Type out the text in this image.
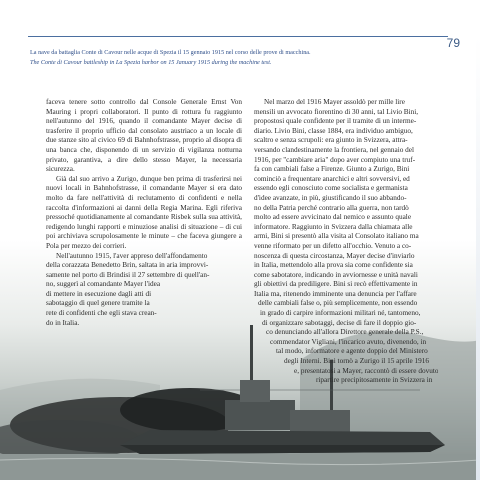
79
La nave da battaglia Conte di Cavour nelle acque di Spezia il 15 gennaio 1915 nel corso delle prove di macchina.
The Conte di Cavour battleship in La Spezia harbor on 15 January 1915 during the machine test.

faceva tenere sotto controllo dal Console Generale Ernst Von Mauring i propri collaboratori. Il punto di rottura fu raggiunto nell'autunno del 1916, quando il comandante Mayer decise di trasferire il proprio ufficio dal consolato austriaco a un locale di due stanze sito al civico 69 di Bahnhofstrasse, proprio al disopra di una banca che, disponendo di un servizio di vigilanza notturna privato, garantiva, a dire dello stesso Mayer, la necessaria sicurezza.

Già dal suo arrivo a Zurigo, dunque ben prima di trasferirsi nei nuovi locali in Bahnhofstrasse, il comandante Mayer si era dato molto da fare nell'attività di reclutamento di confidenti e nella raccolta d'informazioni ai danni della Regia Marina. Egli riferiva pressoché quotidianamente al comandante Risbek sulla sua attività, redigendo lunghi rapporti e minuziose analisi di situazione – di cui poi archiviava scrupolosamente le minute – che faceva giungere a Pola per mezzo dei corrieri.

Nell'autunno 1915, l'aver appreso dell'affondamento
della corazzata Benedetto Brin, saltata in aria improvvi-
samente nel porto di Brindisi il 27 settembre di quell'an-
no, suggerì al comandante Mayer l'idea
di mettere in esecuzione dagli atti di
sabotaggio di quel genere tramite la
rete di confidenti che egli stava crean-
do in Italia.
Nel marzo del 1916 Mayer assoldò per mille lire
mensili un avvocato fiorentino di 30 anni, tal Livio Bini,
propostosi quale confidente per il tramite di un interme-
diario. Livio Bini, classe 1884, era individuo ambiguo,
scaltro e senza scrupoli: era giunto in Svizzera, attra-
versando clandestinamente la frontiera, nel gennaio del
1916, per "cambiare aria" dopo aver compiuto una truf-
fa con cambiali false a Firenze. Giunto a Zurigo, Bini
cominciò a frequentare anarchici e altri sovversivi, ed
essendo egli conosciuto come socialista e germanista
d'idee avanzate, in più, giustificando il suo abbando-
no della Patria perché contrario alla guerra, non tardò
molto ad essere avvicinato dal nemico e assunto quale
informatore. Raggiunto in Svizzera dalla chiamata alle
armi, Bini si presentò alla visita al Consolato italiano ma
venne riformato per un difetto all'occhio. Venuto a co-
noscenza di questa circostanza, Mayer decise d'inviarlo
in Italia, mettendolo alla prova sia come confidente sia
come sabotatore, indicando in avviornesse e unità navali
gli obiettivi da prediligere. Bini si recò effettivamente in
Italia ma, ritenendo imminente una denuncia per l'affare
delle cambiali false o, più semplicemente, non essendo
in grado di carpire informazioni militari né, tantomeno,
di organizzare sabotaggi, decise di fare il doppio gio-
co denunciando all'allora Direttore generale della P.S.,
commendator Vigliani, l'incarico avuto, divenendo, in
tal modo, informatore e agente doppio del Ministero
degli Interni. Bini tornò a Zurigo il 15 aprile 1916
e, presentatosi a Mayer, raccontò di essere dovuto
ripartire precipitosamente in Svizzera in
